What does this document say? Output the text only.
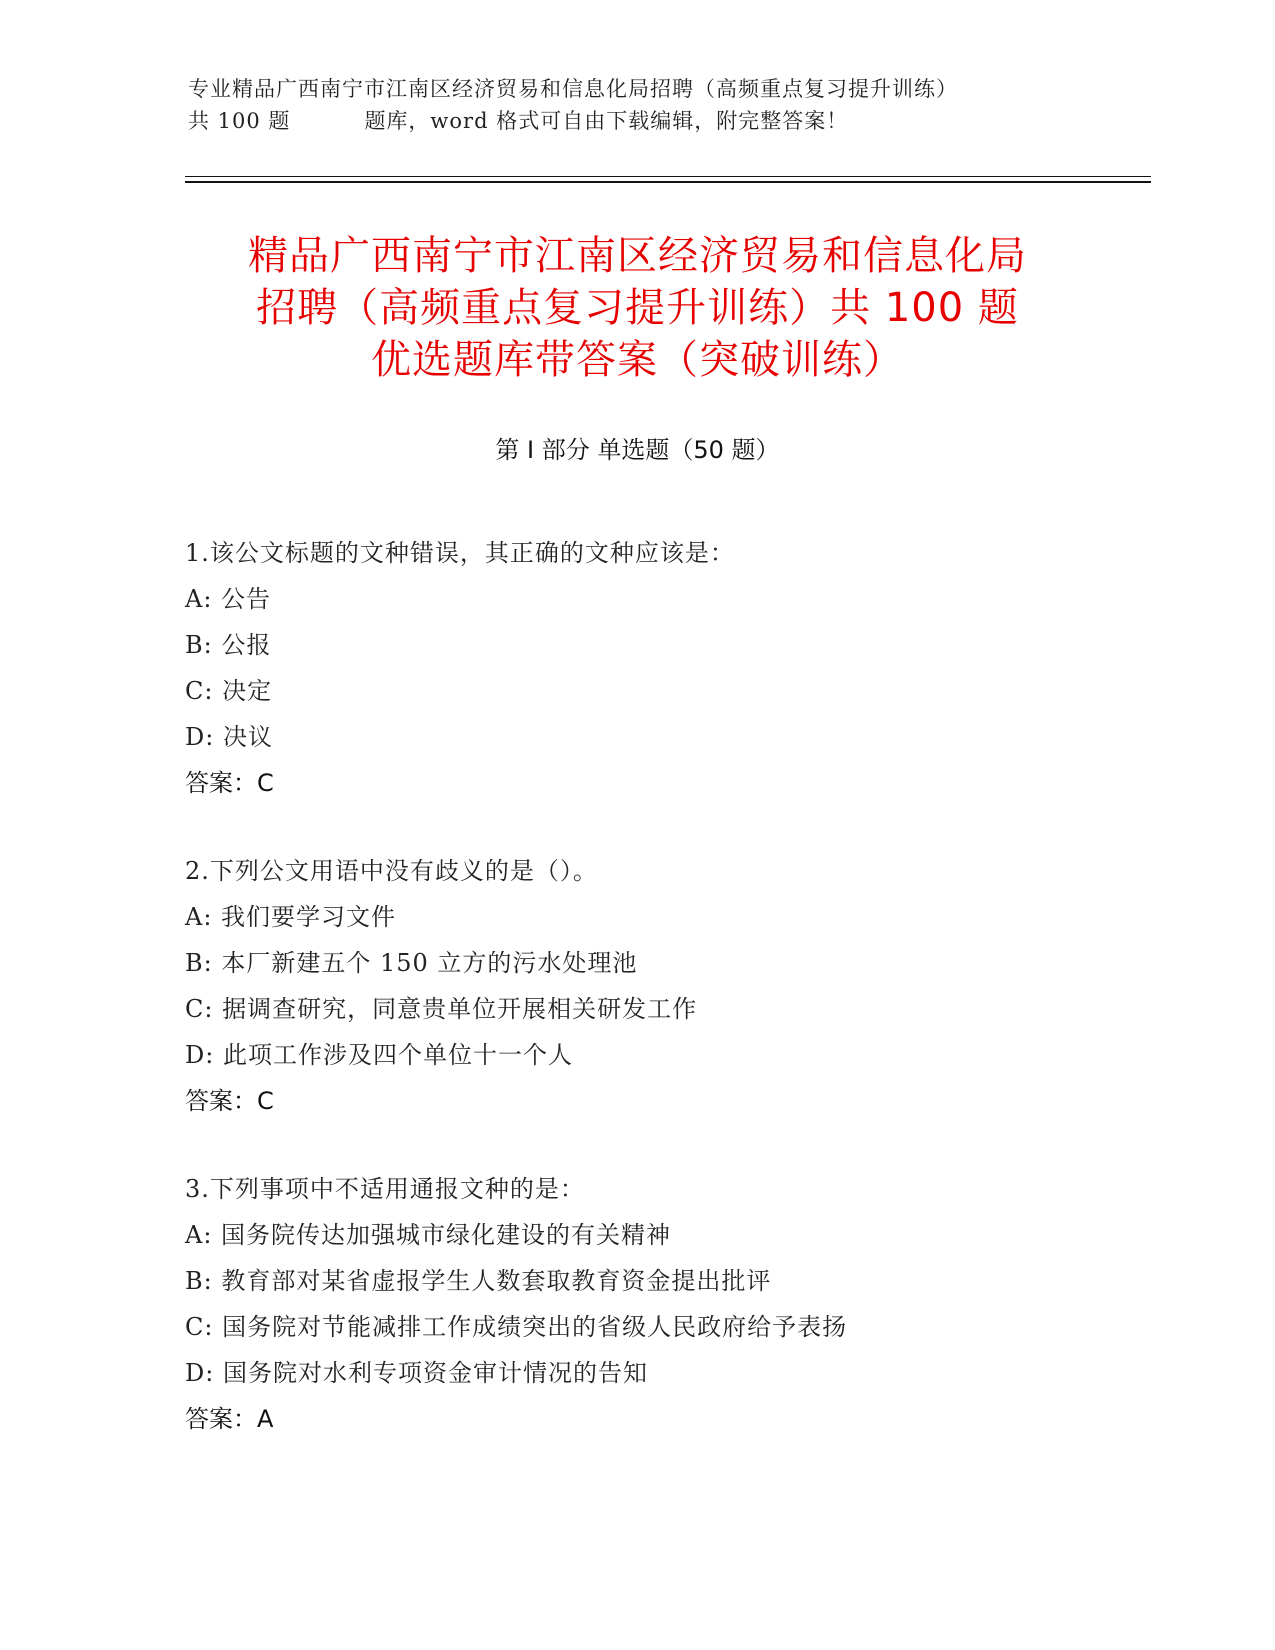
专业精品广西南宁市江南区经济贸易和信息化局招聘（高频重点复习提升训练）
共 100 题	题库，word 格式可自由下载编辑，附完整答案！
精品广西南宁市江南区经济贸易和信息化局
招聘（高频重点复习提升训练）共 100 题
优选题库带答案（突破训练）
第 I 部分 单选题（50 题）
1.该公文标题的文种错误，其正确的文种应该是：
A: 公告
B: 公报
C: 决定
D: 决议
答案：C
2.下列公文用语中没有歧义的是（）。
A: 我们要学习文件
B: 本厂新建五个 150 立方的污水处理池
C: 据调查研究，同意贵单位开展相关研发工作
D: 此项工作涉及四个单位十一个人
答案：C
3.下列事项中不适用通报文种的是：
A: 国务院传达加强城市绿化建设的有关精神
B: 教育部对某省虚报学生人数套取教育资金提出批评
C: 国务院对节能减排工作成绩突出的省级人民政府给予表扬
D: 国务院对水利专项资金审计情况的告知
答案：A
